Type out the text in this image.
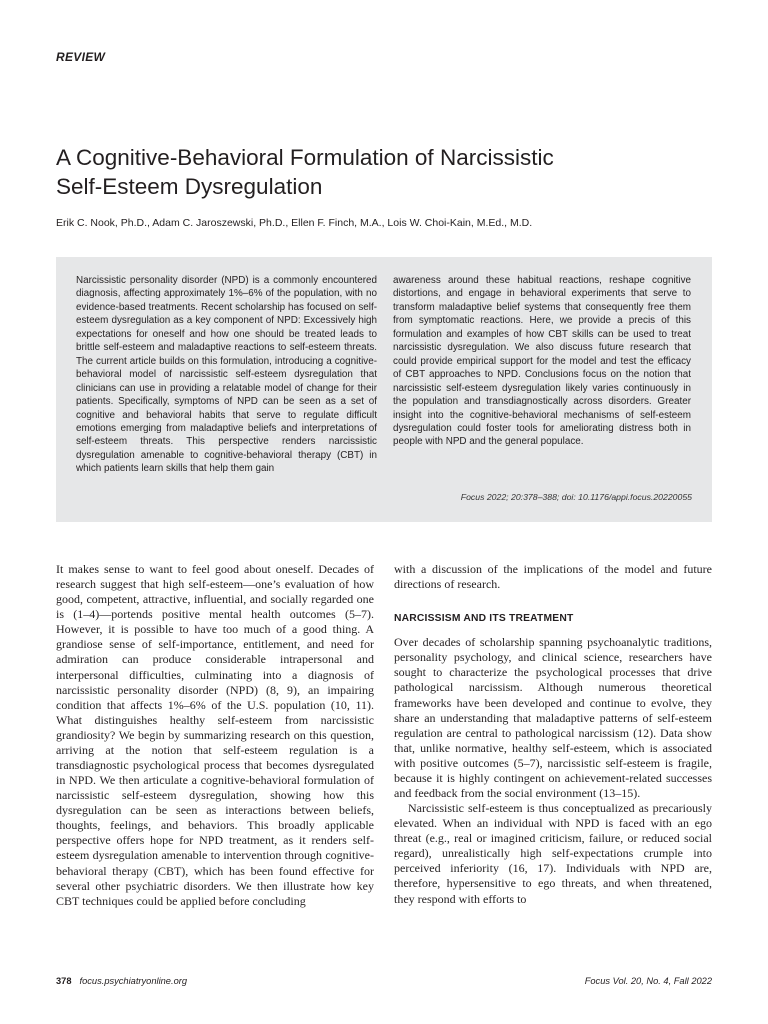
REVIEW
A Cognitive-Behavioral Formulation of Narcissistic
Self-Esteem Dysregulation
Erik C. Nook, Ph.D., Adam C. Jaroszewski, Ph.D., Ellen F. Finch, M.A., Lois W. Choi-Kain, M.Ed., M.D.
Narcissistic personality disorder (NPD) is a commonly encountered diagnosis, affecting approximately 1%–6% of the population, with no evidence-based treatments. Recent scholarship has focused on self-esteem dysregulation as a key component of NPD: Excessively high expectations for oneself and how one should be treated leads to brittle self-esteem and maladaptive reactions to self-esteem threats. The current article builds on this formulation, introducing a cognitive-behavioral model of narcissistic self-esteem dysregulation that clinicians can use in providing a relatable model of change for their patients. Specifically, symptoms of NPD can be seen as a set of cognitive and behavioral habits that serve to regulate difficult emotions emerging from maladaptive beliefs and interpretations of self-esteem threats. This perspective renders narcissistic dysregulation amenable to cognitive-behavioral therapy (CBT) in which patients learn skills that help them gain
awareness around these habitual reactions, reshape cognitive distortions, and engage in behavioral experiments that serve to transform maladaptive belief systems that consequently free them from symptomatic reactions. Here, we provide a precis of this formulation and examples of how CBT skills can be used to treat narcissistic dysregulation. We also discuss future research that could provide empirical support for the model and test the efficacy of CBT approaches to NPD. Conclusions focus on the notion that narcissistic self-esteem dysregulation likely varies continuously in the population and transdiagnostically across disorders. Greater insight into the cognitive-behavioral mechanisms of self-esteem dysregulation could foster tools for ameliorating distress both in people with NPD and the general populace.
Focus 2022; 20:378–388; doi: 10.1176/appi.focus.20220055

It makes sense to want to feel good about oneself. Decades of research suggest that high self-esteem—one’s evaluation of how good, competent, attractive, influential, and socially regarded one is (1–4)—portends positive mental health outcomes (5–7). However, it is possible to have too much of a good thing. A grandiose sense of self-importance, entitlement, and need for admiration can produce considerable intrapersonal and interpersonal difficulties, culminating into a diagnosis of narcissistic personality disorder (NPD) (8, 9), an impairing condition that affects 1%–6% of the U.S. population (10, 11). What distinguishes healthy self-esteem from narcissistic grandiosity? We begin by summarizing research on this question, arriving at the notion that self-esteem regulation is a transdiagnostic psychological process that becomes dysregulated in NPD. We then articulate a cognitive-behavioral formulation of narcissistic self-esteem dysregulation, showing how this dysregulation can be seen as interactions between beliefs, thoughts, feelings, and behaviors. This broadly applicable perspective offers hope for NPD treatment, as it renders self-esteem dysregulation amenable to intervention through cognitive-behavioral therapy (CBT), which has been found effective for several other psychiatric disorders. We then illustrate how key CBT techniques could be applied before concluding

with a discussion of the implications of the model and future directions of research.

NARCISSISM AND ITS TREATMENT

Over decades of scholarship spanning psychoanalytic traditions, personality psychology, and clinical science, researchers have sought to characterize the psychological processes that drive pathological narcissism. Although numerous theoretical frameworks have been developed and continue to evolve, they share an understanding that maladaptive patterns of self-esteem regulation are central to pathological narcissism (12). Data show that, unlike normative, healthy self-esteem, which is associated with positive outcomes (5–7), narcissistic self-esteem is fragile, because it is highly contingent on achievement-related successes and feedback from the social environment (13–15).

Narcissistic self-esteem is thus conceptualized as precariously elevated. When an individual with NPD is faced with an ego threat (e.g., real or imagined criticism, failure, or reduced social regard), unrealistically high self-expectations crumple into perceived inferiority (16, 17). Individuals with NPD are, therefore, hypersensitive to ego threats, and when threatened, they respond with efforts to

378 focus.psychiatryonline.org	Focus Vol. 20, No. 4, Fall 2022
